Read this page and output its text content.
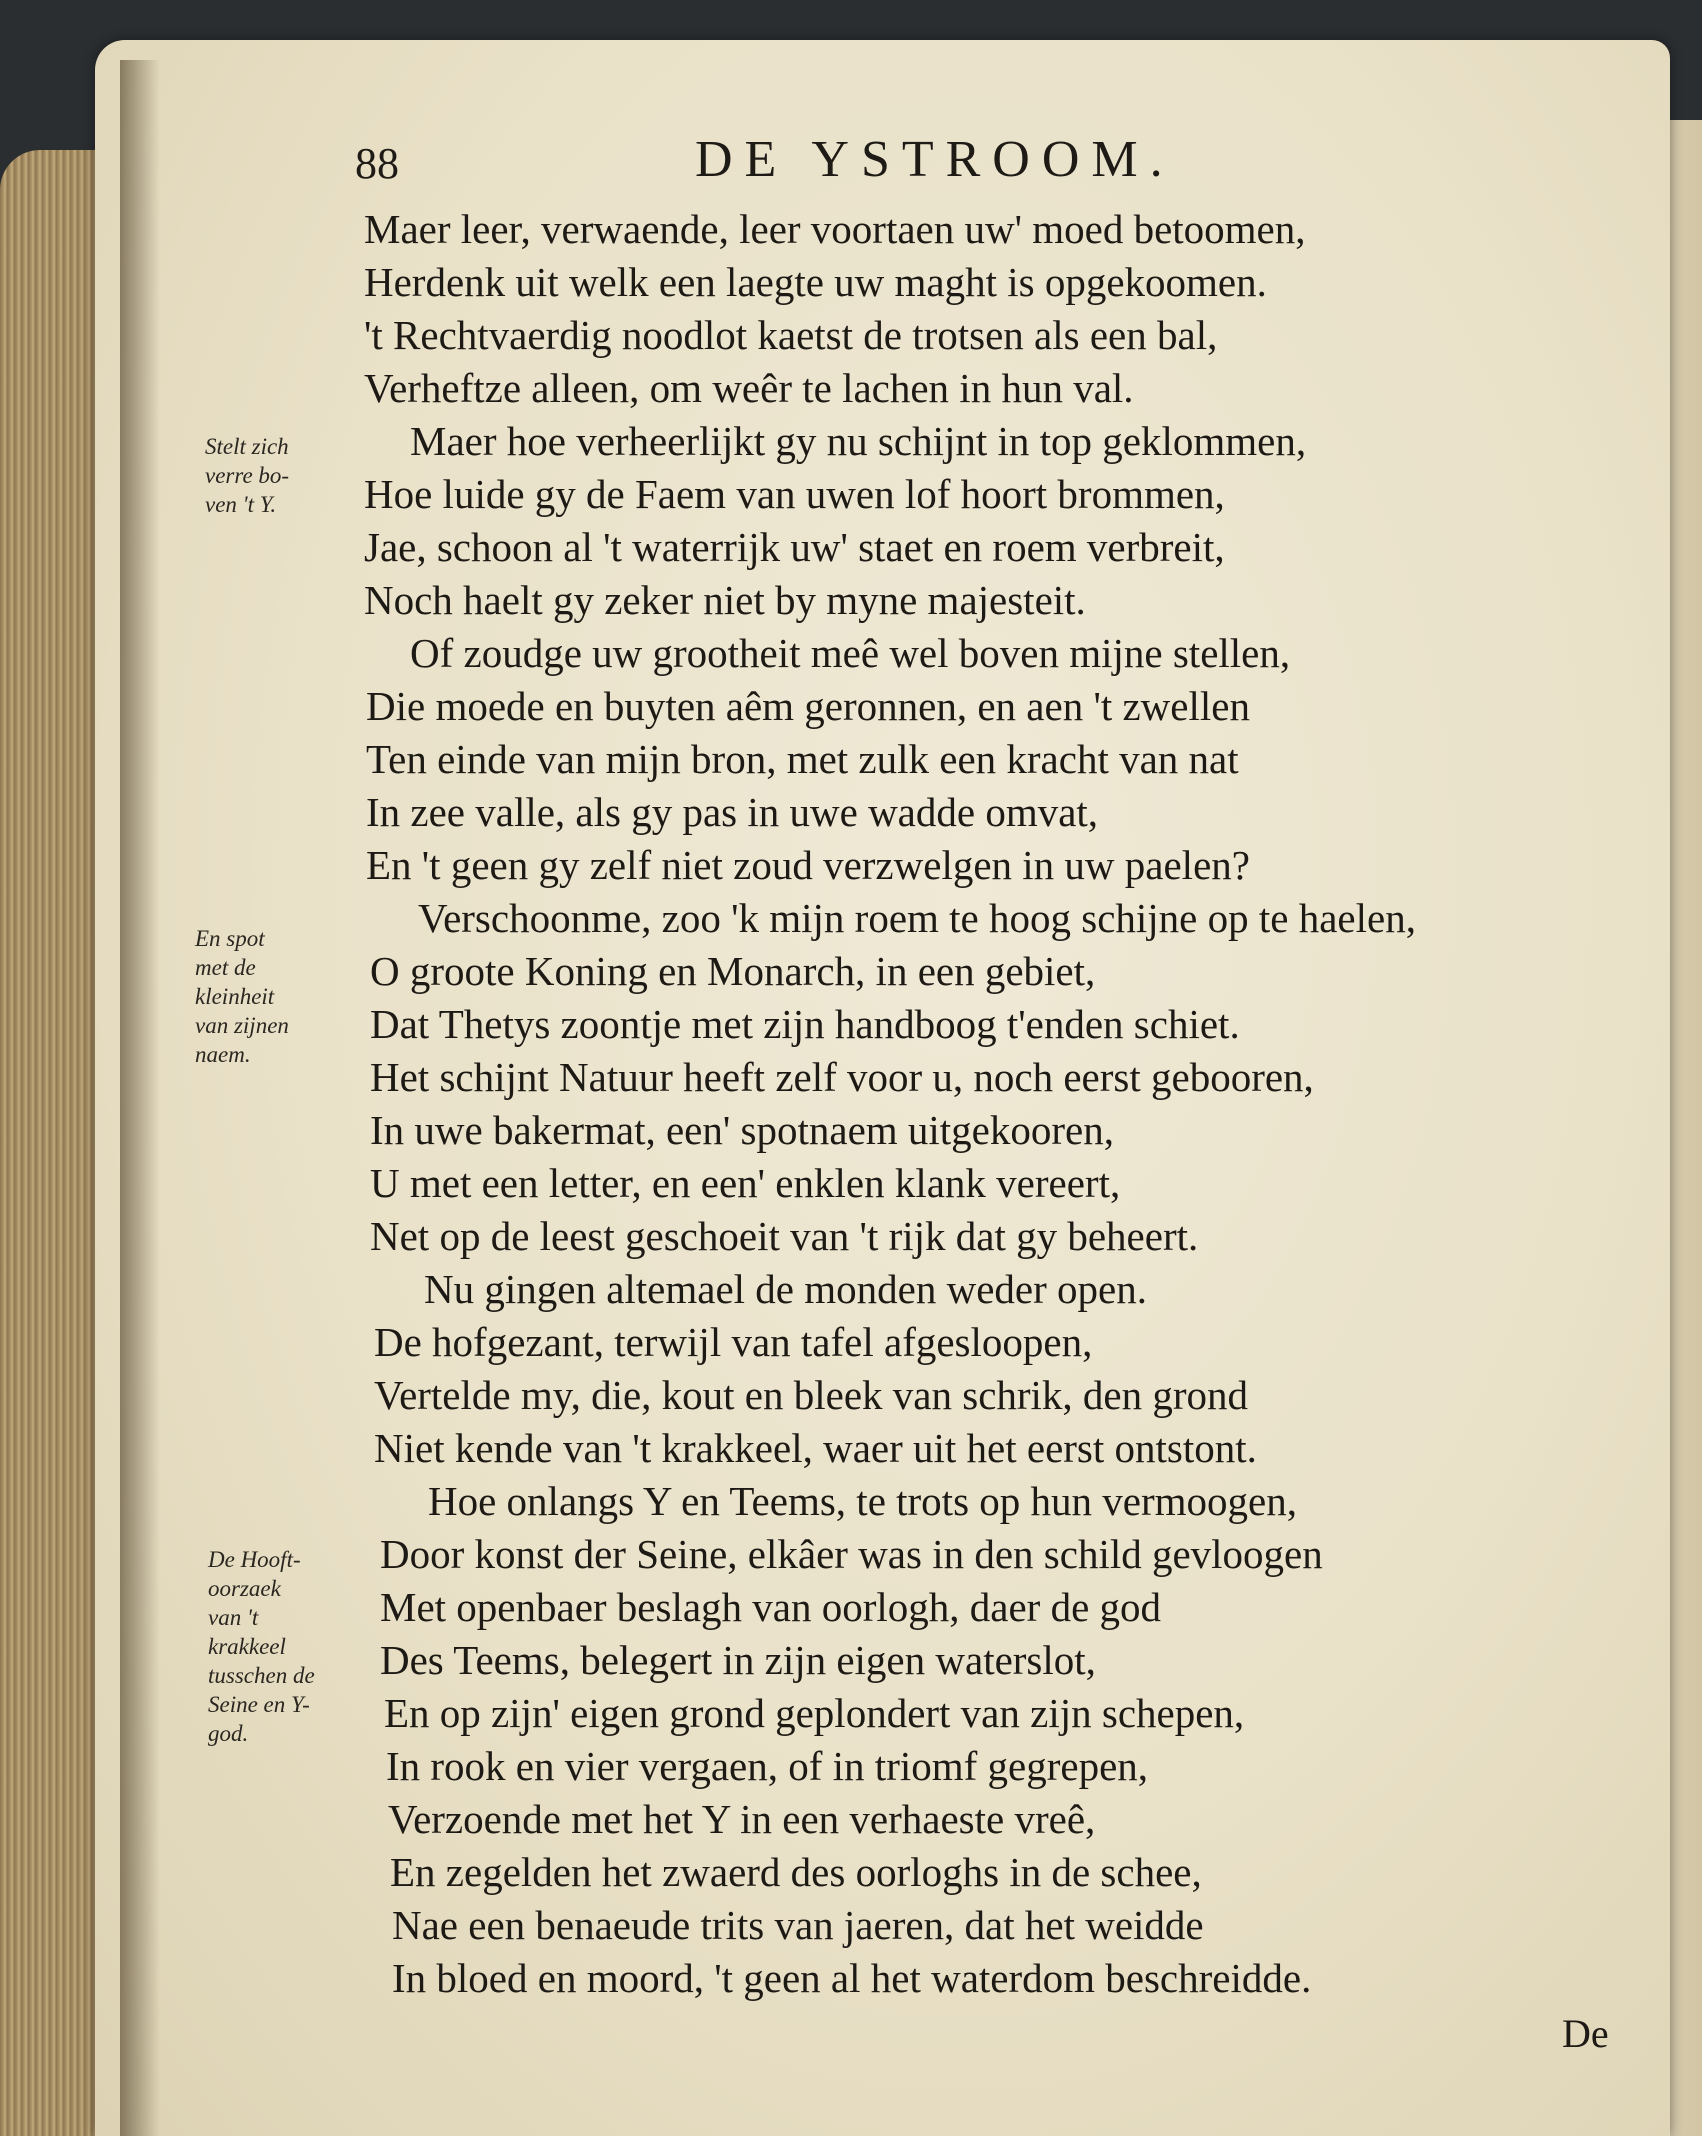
88	DE YSTROOM.
Maer leer, verwaende, leer voortaen uw' moed betoomen,
Herdenk uit welk een laegte uw maght is opgekoomen.
't Rechtvaerdig noodlot kaetst de trotsen als een bal,
Verheftze alleen, om weêr te lachen in hun val.
Maer hoe verheerlijkt gy nu schijnt in top geklommen,
Hoe luide gy de Faem van uwen lof hoort brommen,
Jae, schoon al 't waterrijk uw' staet en roem verbreit,
Noch haelt gy zeker niet by myne majesteit.
Of zoudge uw grootheit meê wel boven mijne stellen,
Die moede en buyten aêm geronnen, en aen 't zwellen
Ten einde van mijn bron, met zulk een kracht van nat
In zee valle, als gy pas in uwe wadde omvat,
En 't geen gy zelf niet zoud verzwelgen in uw paelen?
Verschoonme, zoo 'k mijn roem te hoog schijne op te haelen,
O groote Koning en Monarch, in een gebiet,
Dat Thetys zoontje met zijn handboog t'enden schiet.
Het schijnt Natuur heeft zelf voor u, noch eerst gebooren,
In uwe bakermat, een' spotnaem uitgekooren,
U met een letter, en een' enklen klank vereert,
Net op de leest geschoeit van 't rijk dat gy beheert.
Nu gingen altemael de monden weder open.
De hofgezant, terwijl van tafel afgesloopen,
Vertelde my, die, kout en bleek van schrik, den grond
Niet kende van 't krakkeel, waer uit het eerst ontstont.
Hoe onlangs Y en Teems, te trots op hun vermoogen,
Door konst der Seine, elkâer was in den schild gevloogen
Met openbaer beslagh van oorlogh, daer de god
Des Teems, belegert in zijn eigen waterslot,
En op zijn' eigen grond geplondert van zijn schepen,
In rook en vier vergaen, of in triomf gegrepen,
Verzoende met het Y in een verhaeste vreê,
En zegelden het zwaerd des oorloghs in de schee,
Nae een benaeude trits van jaeren, dat het weidde
In bloed en moord, 't geen al het waterdom beschreidde.
Stelt zich
verre bo-
ven 't Y.
En spot
met de
kleinheit
van zijnen
naem.
De Hooft-
oorzaek
van 't
krakkeel
tusschen de
Seine en Y-
god.
De
